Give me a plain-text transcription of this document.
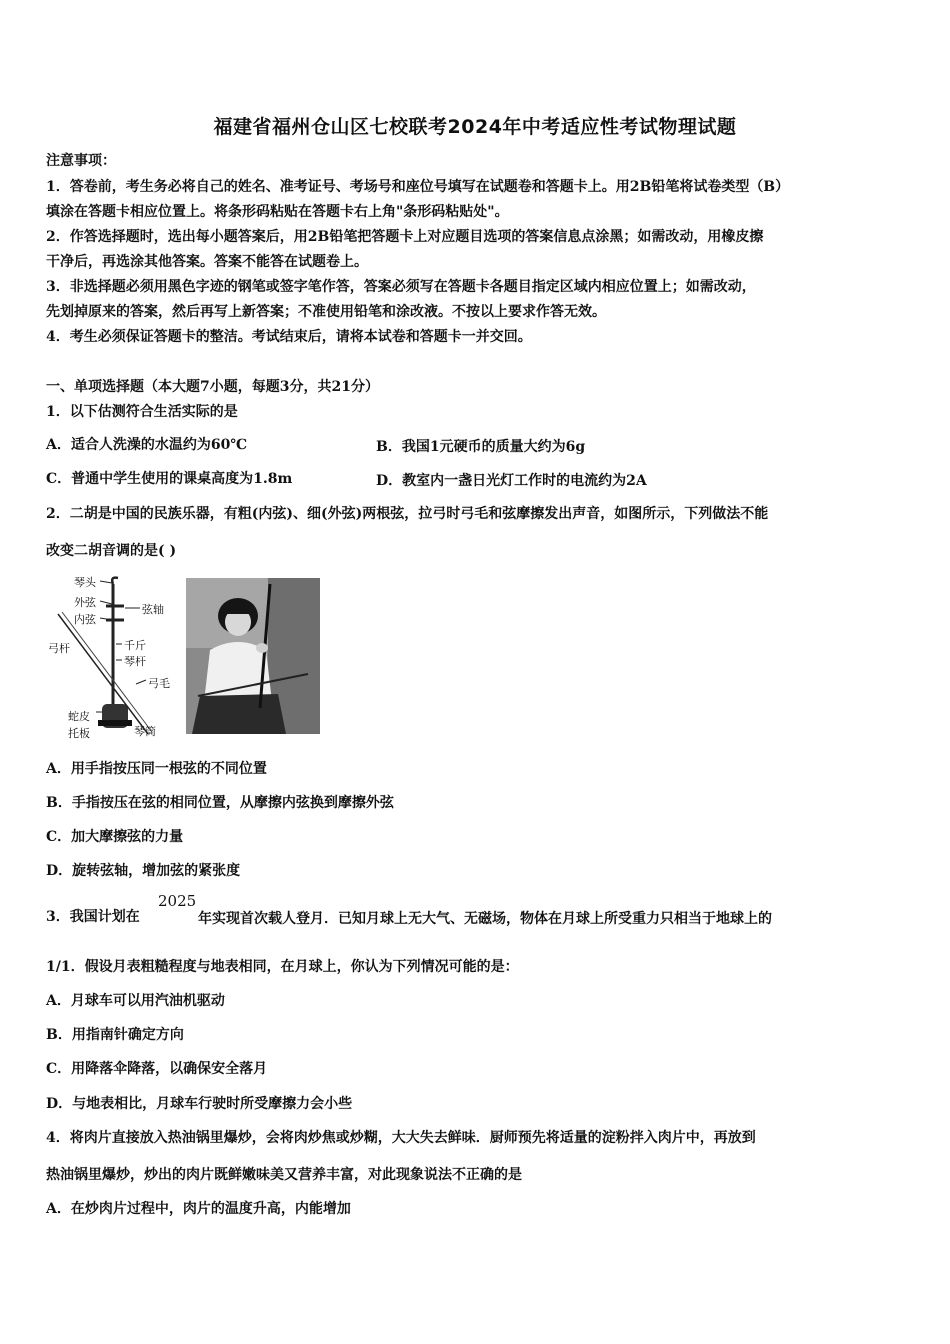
福建省福州仓山区七校联考2024年中考适应性考试物理试题
注意事项：
1．答卷前，考生务必将自己的姓名、准考证号、考场号和座位号填写在试题卷和答题卡上。用2B铅笔将试卷类型（B）
填涂在答题卡相应位置上。将条形码粘贴在答题卡右上角"条形码粘贴处"。
2．作答选择题时，选出每小题答案后，用2B铅笔把答题卡上对应题目选项的答案信息点涂黑；如需改动，用橡皮擦
干净后，再选涂其他答案。答案不能答在试题卷上。
3．非选择题必须用黑色字迹的钢笔或签字笔作答，答案必须写在答题卡各题目指定区域内相应位置上；如需改动，
先划掉原来的答案，然后再写上新答案；不准使用铅笔和涂改液。不按以上要求作答无效。
4．考生必须保证答题卡的整洁。考试结束后，请将本试卷和答题卡一并交回。
一、单项选择题（本大题7小题，每题3分，共21分）
1．以下估测符合生活实际的是
A．适合人洗澡的水温约为60℃	B．我国1元硬币的质量大约为6g
C．普通中学生使用的课桌高度为1.8m	D．教室内一盏日光灯工作时的电流约为2A
2．二胡是中国的民族乐器，有粗(内弦)、细(外弦)两根弦，拉弓时弓毛和弦摩擦发出声音，如图所示，下列做法不能
改变二胡音调的是( )
琴头
外弦
内弦
弦轴
弓杆	千斤
琴杆
弓毛
蛇皮
托板	琴筒
A．用手指按压同一根弦的不同位置
B．手指按压在弦的相同位置，从摩擦内弦换到摩擦外弦
C．加大摩擦弦的力量
D．旋转弦轴，增加弦的紧张度
3．我国计划在
2025
年实现首次载人登月．已知月球上无大气、无磁场，物体在月球上所受重力只相当于地球上的
1/1．假设月表粗糙程度与地表相同，在月球上，你认为下列情况可能的是：
A．月球车可以用汽油机驱动
B．用指南针确定方向
C．用降落伞降落，以确保安全落月
D．与地表相比，月球车行驶时所受摩擦力会小些
4．将肉片直接放入热油锅里爆炒，会将肉炒焦或炒糊，大大失去鲜味．厨师预先将适量的淀粉拌入肉片中，再放到
热油锅里爆炒，炒出的肉片既鲜嫩味美又营养丰富，对此现象说法不正确的是
A．在炒肉片过程中，肉片的温度升高，内能增加
